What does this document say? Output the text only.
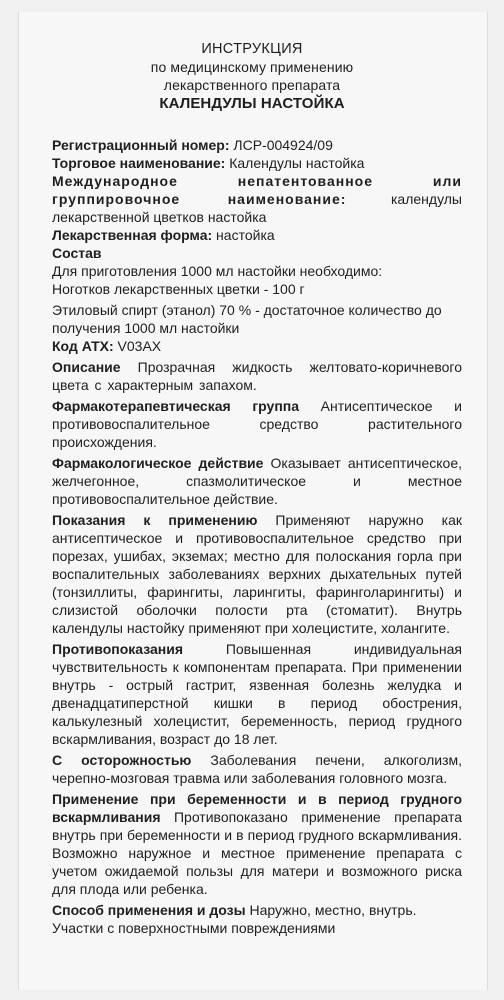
ИНСТРУКЦИЯ
по медицинскому применению
лекарственного препарата
КАЛЕНДУЛЫ НАСТОЙКА

Регистрационный номер: ЛСР-004924/09

Торговое наименование: Календулы настойка

Международное непатентованное или группировочное наименование: календулы лекарственной цветков настойка

Лекарственная форма: настойка

Состав

Для приготовления 1000 мл настойки необходимо:

Ноготков лекарственных цветки - 100 г

Этиловый спирт (этанол) 70 % - достаточное количество до получения 1000 мл настойки

Код АТХ: V03AX

Описание Прозрачная жидкость желтовато-коричневого цвета с характерным запахом.

Фармакотерапевтическая группа Антисептическое и противовоспалительное средство растительного происхождения.

Фармакологическое действие Оказывает антисептическое, желчегонное, спазмолитическое и местное противовоспалительное действие.

Показания к применению Применяют наружно как антисептическое и противовоспалительное средство при порезах, ушибах, экземах; местно для полоскания горла при воспалительных заболеваниях верхних дыхательных путей (тонзиллиты, фарингиты, ларингиты, фаринголарингиты) и слизистой оболочки полости рта (стоматит). Внутрь календулы настойку применяют при холецистите, холангите.

Противопоказания Повышенная индивидуальная чувствительность к компонентам препарата. При применении внутрь - острый гастрит, язвенная болезнь желудка и двенадцатиперстной кишки в период обострения, калькулезный холецистит, беременность, период грудного вскармливания, возраст до 18 лет.

С осторожностью Заболевания печени, алкоголизм, черепно-мозговая травма или заболевания головного мозга.

Применение при беременности и в период грудного вскармливания Противопоказано применение препарата внутрь при беременности и в период грудного вскармливания. Возможно наружное и местное применение препарата с учетом ожидаемой пользы для матери и возможного риска для плода или ребенка.

Способ применения и дозы Наружно, местно, внутрь. Участки с поверхностными повреждениями
